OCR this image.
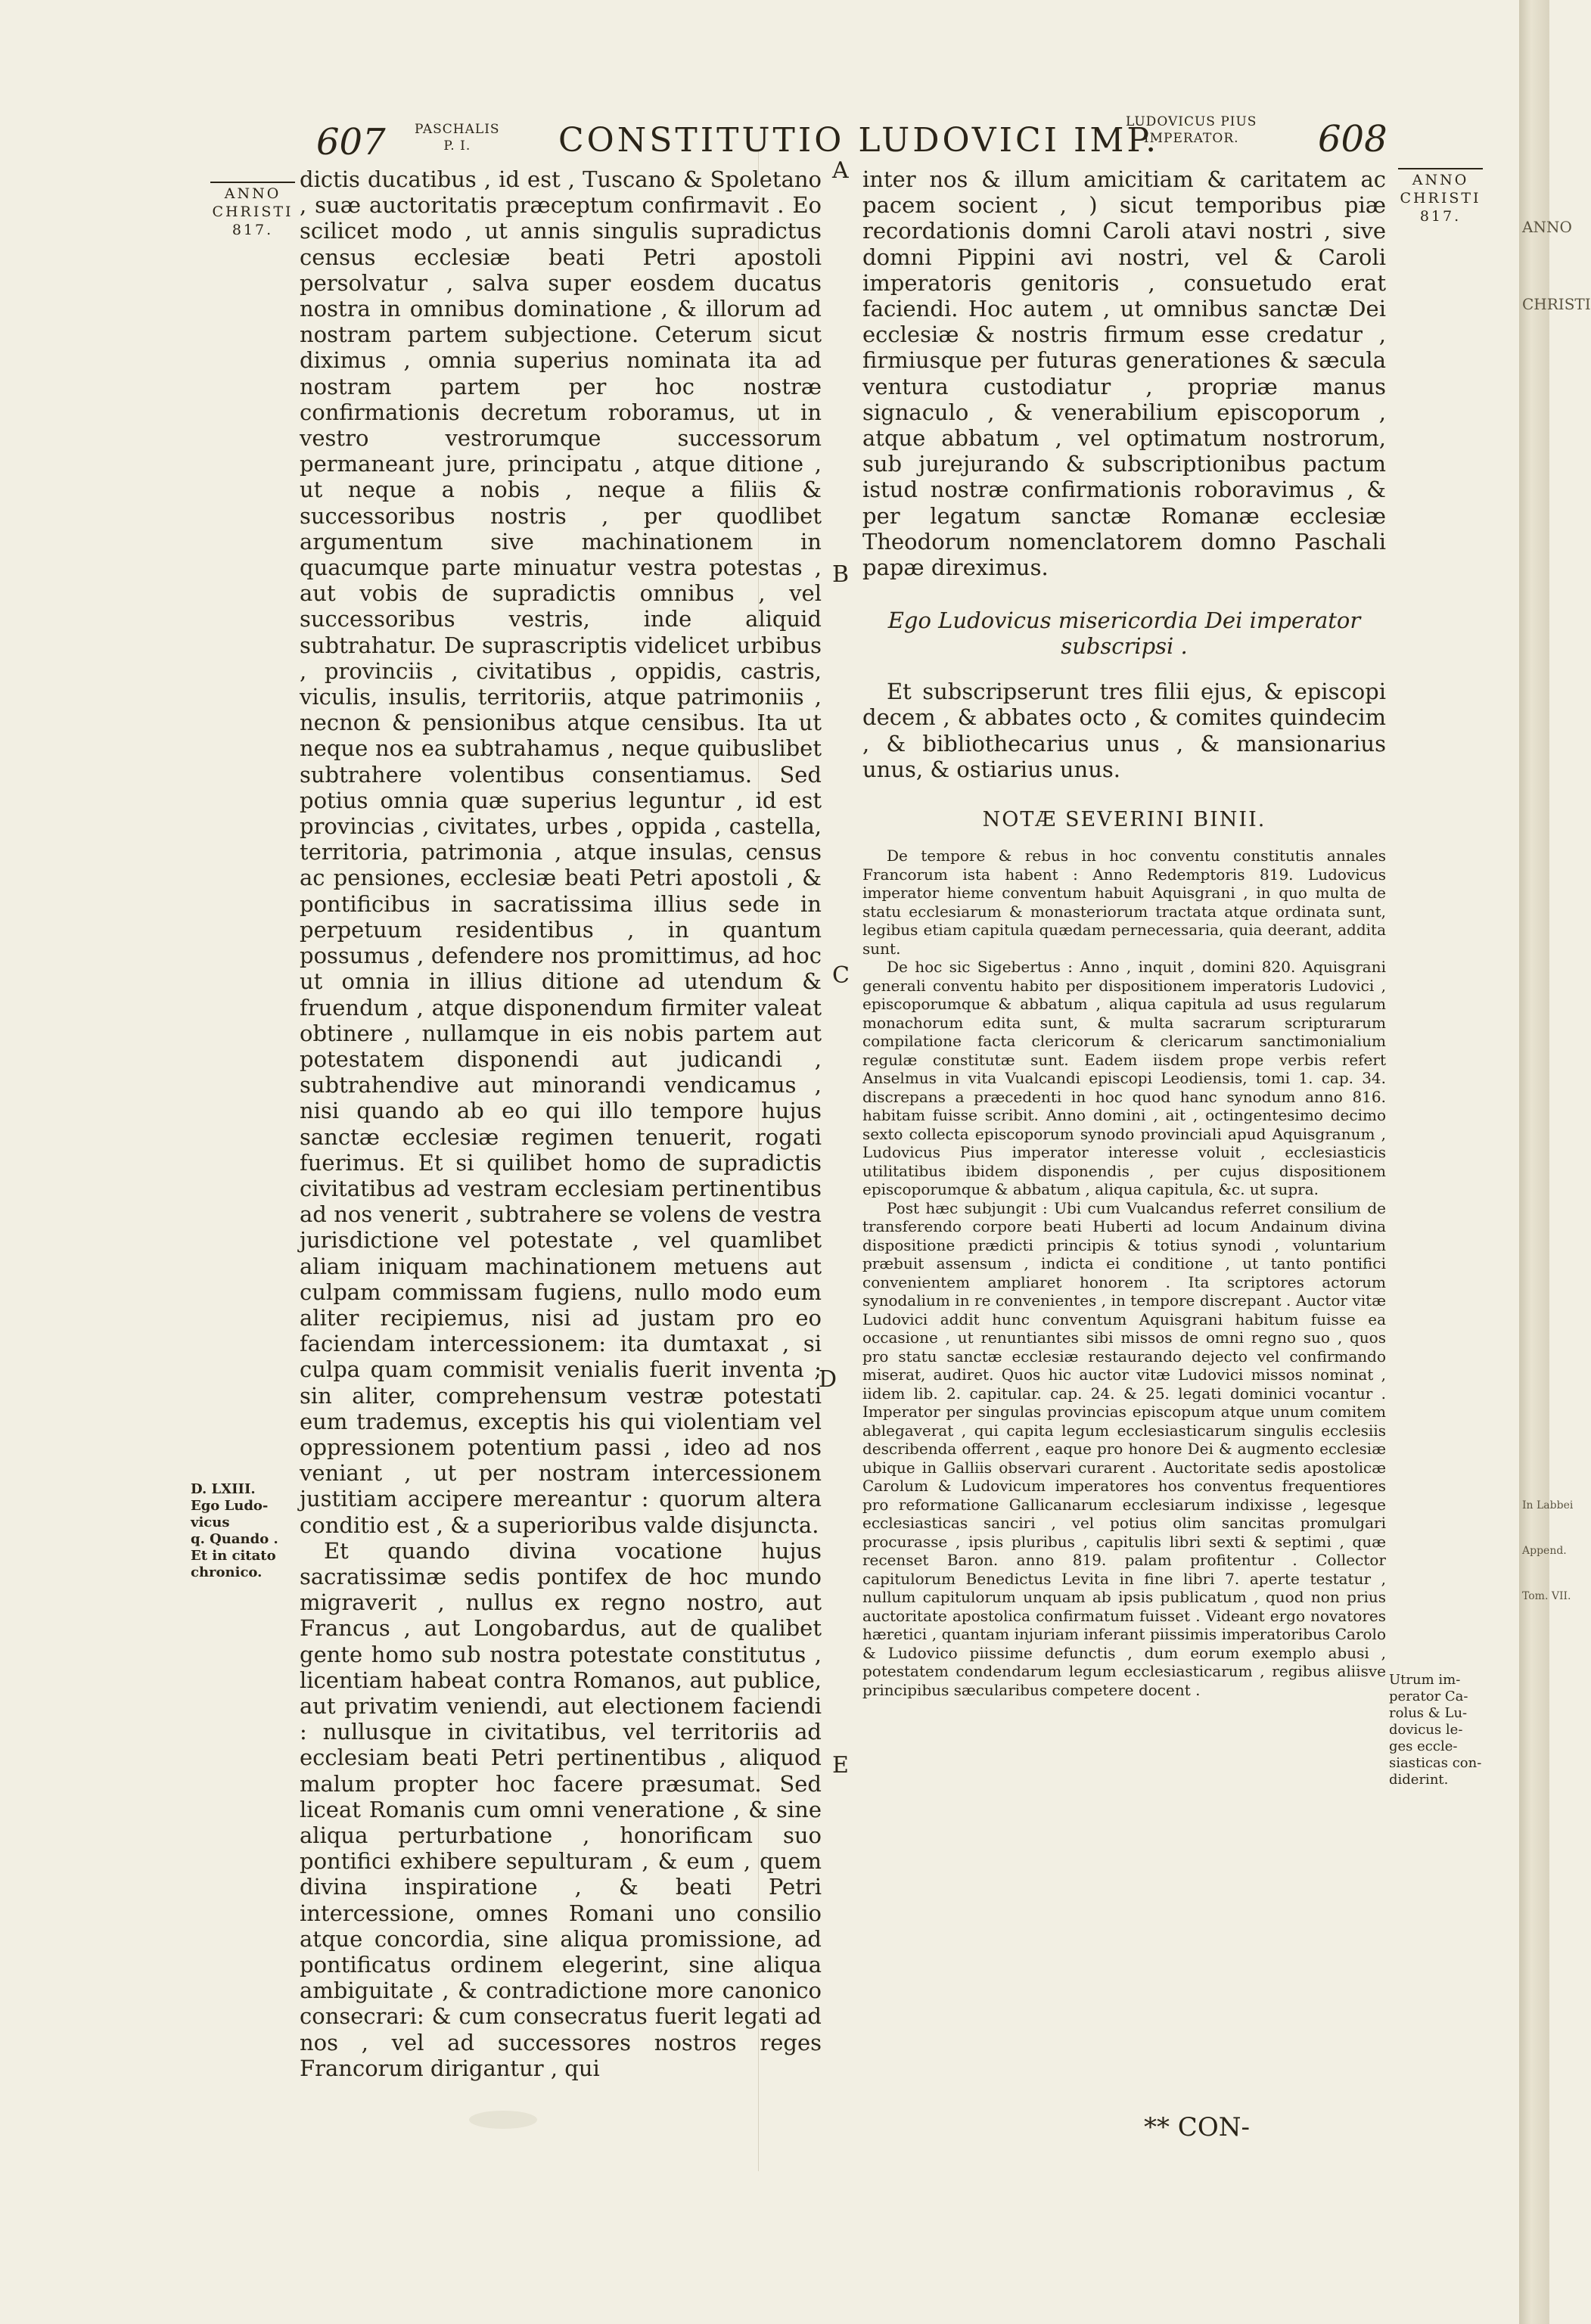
ANNO

CHRISTI

In Labbei

Append.

Tom. VII.

607 PASCHALIS
P. I.	CONSTITUTIO LUDOVICI IMP.
LUDOVICUS PIUS
IMPERATOR.	608
ANNO
CHRISTI
817.
ANNO
CHRISTI
817.
D. LXIII.
Ego Ludo-
vicus
q. Quando .
Et in citato
chronico.
Utrum im-
perator Ca-
rolus & Lu-
dovicus le-
ges eccle-
siasticas con-
diderint.
A
B
C
D
E

dictis ducatibus , id est , Tuscano & Spoletano , suæ auctoritatis præceptum confirmavit . Eo scilicet modo , ut annis singulis supradictus census ecclesiæ beati Petri apostoli persolvatur , salva super eosdem ducatus nostra in omnibus dominatione , & illorum ad nostram partem subjectione. Ceterum sicut diximus , omnia superius nominata ita ad nostram partem per hoc nostræ confirmationis decretum roboramus, ut in vestro vestrorumque successorum permaneant jure, principatu , atque ditione , ut neque a nobis , neque a filiis & successoribus nostris , per quodlibet argumentum sive machinationem in quacumque parte minuatur vestra potestas , aut vobis de supradictis omnibus , vel successoribus vestris, inde aliquid subtrahatur. De suprascriptis videlicet urbibus , provinciis , civitatibus , oppidis, castris, viculis, insulis, territoriis, atque patrimoniis , necnon & pensionibus atque censibus. Ita ut neque nos ea subtrahamus , neque quibuslibet subtrahere volentibus consentiamus. Sed potius omnia quæ superius leguntur , id est provincias , civitates, urbes , oppida , castella, territoria, patrimonia , atque insulas, census ac pensiones, ecclesiæ beati Petri apostoli , & pontificibus in sacratissima illius sede in perpetuum residentibus , in quantum possumus , defendere nos promittimus, ad hoc ut omnia in illius ditione ad utendum & fruendum , atque disponendum firmiter valeat obtinere , nullamque in eis nobis partem aut potestatem disponendi aut judicandi , subtrahendive aut minorandi vendicamus , nisi quando ab eo qui illo tempore hujus sanctæ ecclesiæ regimen tenuerit, rogati fuerimus. Et si quilibet homo de supradictis civitatibus ad vestram ecclesiam pertinentibus ad nos venerit , subtrahere se volens de vestra jurisdictione vel potestate , vel quamlibet aliam iniquam machinationem metuens aut culpam commissam fugiens, nullo modo eum aliter recipiemus, nisi ad justam pro eo faciendam intercessionem: ita dumtaxat , si culpa quam commisit venialis fuerit inventa ; sin aliter, comprehensum vestræ potestati eum trademus, exceptis his qui violentiam vel oppressionem potentium passi , ideo ad nos veniant , ut per nostram intercessionem justitiam accipere mereantur : quorum altera conditio est , & a superioribus valde disjuncta.

Et quando divina vocatione hujus sacratissimæ sedis pontifex de hoc mundo migraverit , nullus ex regno nostro, aut Francus , aut Longobardus, aut de qualibet gente homo sub nostra potestate constitutus , licentiam habeat contra Romanos, aut publice, aut privatim veniendi, aut electionem faciendi : nullusque in civitatibus, vel territoriis ad ecclesiam beati Petri pertinentibus , aliquod malum propter hoc facere præsumat. Sed liceat Romanis cum omni veneratione , & sine aliqua perturbatione , honorificam suo pontifici exhibere sepulturam , & eum , quem divina inspiratione , & beati Petri intercessione, omnes Romani uno consilio atque concordia, sine aliqua promissione, ad pontificatus ordinem elegerint, sine aliqua ambiguitate , & contradictione more canonico consecrari: & cum consecratus fuerit legati ad nos , vel ad successores nostros reges Francorum dirigantur , qui

inter nos & illum amicitiam & caritatem ac pacem socient , ) sicut temporibus piæ recordationis domni Caroli atavi nostri , sive domni Pippini avi nostri, vel & Caroli imperatoris genitoris , consuetudo erat faciendi. Hoc autem , ut omnibus sanctæ Dei ecclesiæ & nostris firmum esse credatur , firmiusque per futuras generationes & sæcula ventura custodiatur , propriæ manus signaculo , & venerabilium episcoporum , atque abbatum , vel optimatum nostrorum, sub jurejurando & subscriptionibus pactum istud nostræ confirmationis roboravimus , & per legatum sanctæ Romanæ ecclesiæ Theodorum nomenclatorem domno Paschali papæ direximus.

Ego Ludovicus misericordia Dei imperator subscripsi .

Et subscripserunt tres filii ejus, & episcopi decem , & abbates octo , & comites quindecim , & bibliothecarius unus , & mansionarius unus, & ostiarius unus.

NOTÆ SEVERINI BINII.

De tempore & rebus in hoc conventu constitutis annales Francorum ista habent : Anno Redemptoris 819. Ludovicus imperator hieme conventum habuit Aquisgrani , in quo multa de statu ecclesiarum & monasteriorum tractata atque ordinata sunt, legibus etiam capitula quædam pernecessaria, quia deerant, addita sunt.

De hoc sic Sigebertus : Anno , inquit , domini 820. Aquisgrani generali conventu habito per dispositionem imperatoris Ludovici , episcoporumque & abbatum , aliqua capitula ad usus regularum monachorum edita sunt, & multa sacrarum scripturarum compilatione facta clericorum & clericarum sanctimonialium regulæ constitutæ sunt. Eadem iisdem prope verbis refert Anselmus in vita Vualcandi episcopi Leodiensis, tomi 1. cap. 34. discrepans a præcedenti in hoc quod hanc synodum anno 816. habitam fuisse scribit. Anno domini , ait , octingentesimo decimo sexto collecta episcoporum synodo provinciali apud Aquisgranum , Ludovicus Pius imperator interesse voluit , ecclesiasticis utilitatibus ibidem disponendis , per cujus dispositionem episcoporumque & abbatum , aliqua capitula, &c. ut supra.

Post hæc subjungit : Ubi cum Vualcandus referret consilium de transferendo corpore beati Huberti ad locum Andainum divina dispositione prædicti principis & totius synodi , voluntarium præbuit assensum , indicta ei conditione , ut tanto pontifici convenientem ampliaret honorem . Ita scriptores actorum synodalium in re convenientes , in tempore discrepant . Auctor vitæ Ludovici addit hunc conventum Aquisgrani habitum fuisse ea occasione , ut renuntiantes sibi missos de omni regno suo , quos pro statu sanctæ ecclesiæ restaurando dejecto vel confirmando miserat, audiret. Quos hic auctor vitæ Ludovici missos nominat , iidem lib. 2. capitular. cap. 24. & 25. legati dominici vocantur . Imperator per singulas provincias episcopum atque unum comitem ablegaverat , qui capita legum ecclesiasticarum singulis ecclesiis describenda offerrent , eaque pro honore Dei & augmento ecclesiæ ubique in Galliis observari curarent . Auctoritate sedis apostolicæ Carolum & Ludovicum imperatores hos conventus frequentiores pro reformatione Gallicanarum ecclesiarum indixisse , legesque ecclesiasticas sanciri , vel potius olim sancitas promulgari procurasse , ipsis pluribus , capitulis libri sexti & septimi , quæ recenset Baron. anno 819. palam profitentur . Collector capitulorum Benedictus Levita in fine libri 7. aperte testatur , nullum capitulorum unquam ab ipsis publicatum , quod non prius auctoritate apostolica confirmatum fuisset . Videant ergo novatores hæretici , quantam injuriam inferant piissimis imperatoribus Carolo & Ludovico piissime defunctis , dum eorum exemplo abusi , potestatem condendarum legum ecclesiasticarum , regibus aliisve principibus sæcularibus competere docent .

** CON-
